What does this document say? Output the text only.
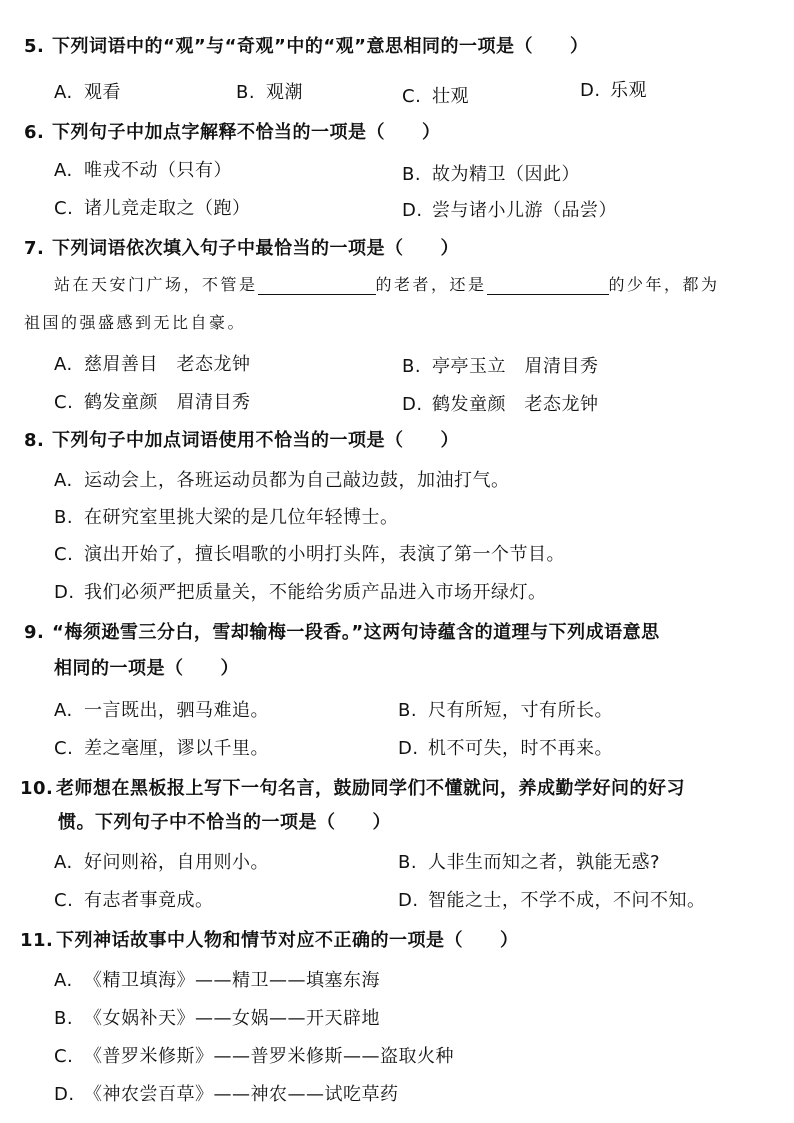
5. 下列词语中的“观”与“奇观”中的“观”意思相同的一项是（　　）
A. 观看	B. 观潮	C. 壮观	D. 乐观
6. 下列句子中加点字解释不恰当的一项是（　　）
A. 唯戎不动（只有）	B. 故为精卫（因此）
C. 诸儿竞走取之（跑）	D. 尝与诸小儿游（品尝）
7. 下列词语依次填入句子中最恰当的一项是（　　）
站在天安门广场，不管是	的老者，还是	的少年，都为
祖国的强盛感到无比自豪。
A. 慈眉善目　老态龙钟	B. 亭亭玉立　眉清目秀
C. 鹤发童颜　眉清目秀	D. 鹤发童颜　老态龙钟
8. 下列句子中加点词语使用不恰当的一项是（　　）
A. 运动会上，各班运动员都为自己敲边鼓，加油打气。
B. 在研究室里挑大梁的是几位年轻博士。
C. 演出开始了，擅长唱歌的小明打头阵，表演了第一个节目。
D. 我们必须严把质量关，不能给劣质产品进入市场开绿灯。
9. “梅须逊雪三分白，雪却输梅一段香。”这两句诗蕴含的道理与下列成语意思
相同的一项是（　　）
A. 一言既出，驷马难追。	B. 尺有所短，寸有所长。
C. 差之毫厘，谬以千里。	D. 机不可失，时不再来。
10. 老师想在黑板报上写下一句名言，鼓励同学们不懂就问，养成勤学好问的好习
惯。下列句子中不恰当的一项是（　　）
A. 好问则裕，自用则小。	B. 人非生而知之者，孰能无惑?
C. 有志者事竟成。	D. 智能之士，不学不成，不问不知。
11. 下列神话故事中人物和情节对应不正确的一项是（　　）
A. 《精卫填海》——精卫——填塞东海
B. 《女娲补天》——女娲——开天辟地
C. 《普罗米修斯》——普罗米修斯——盗取火种
D. 《神农尝百草》——神农——试吃草药
